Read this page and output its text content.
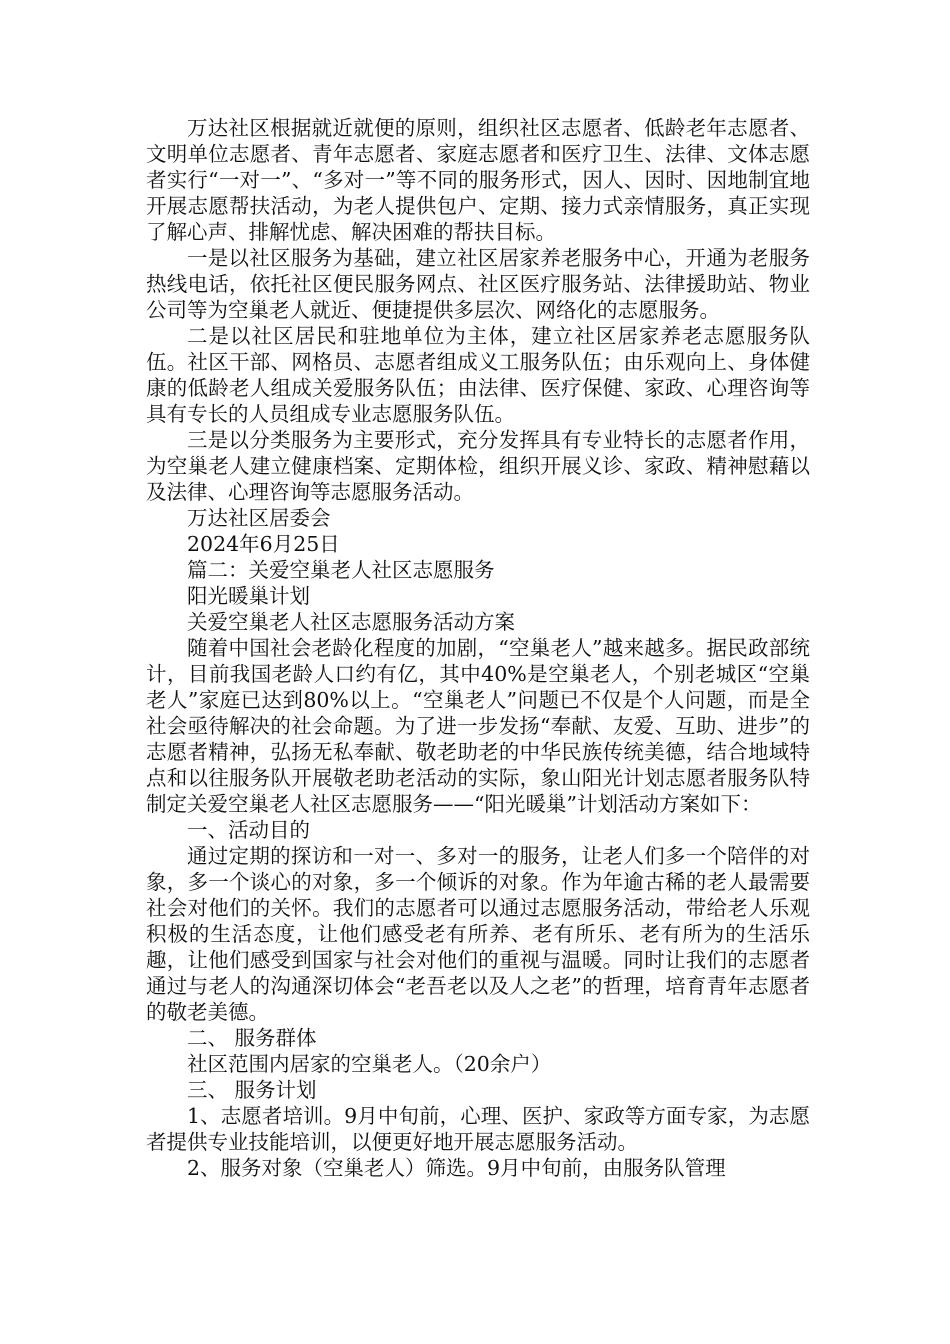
万达社区根据就近就便的原则，组织社区志愿者、低龄老年志愿者、文明单位志愿者、青年志愿者、家庭志愿者和医疗卫生、法律、文体志愿者实行“一对一”、“多对一”等不同的服务形式，因人、因时、因地制宜地开展志愿帮扶活动，为老人提供包户、定期、接力式亲情服务，真正实现了解心声、排解忧虑、解决困难的帮扶目标。

一是以社区服务为基础，建立社区居家养老服务中心，开通为老服务热线电话，依托社区便民服务网点、社区医疗服务站、法律援助站、物业公司等为空巢老人就近、便捷提供多层次、网络化的志愿服务。

二是以社区居民和驻地单位为主体，建立社区居家养老志愿服务队伍。社区干部、网格员、志愿者组成义工服务队伍；由乐观向上、身体健康的低龄老人组成关爱服务队伍；由法律、医疗保健、家政、心理咨询等具有专长的人员组成专业志愿服务队伍。

三是以分类服务为主要形式，充分发挥具有专业特长的志愿者作用，为空巢老人建立健康档案、定期体检，组织开展义诊、家政、精神慰藉以及法律、心理咨询等志愿服务活动。

万达社区居委会

2024年6月25日

篇二：关爱空巢老人社区志愿服务

阳光暖巢计划

关爱空巢老人社区志愿服务活动方案

随着中国社会老龄化程度的加剧，“空巢老人”越来越多。据民政部统计，目前我国老龄人口约有亿，其中40%是空巢老人，个别老城区“空巢老人”家庭已达到80%以上。“空巢老人”问题已不仅是个人问题，而是全社会亟待解决的社会命题。为了进一步发扬“奉献、友爱、互助、进步”的志愿者精神，弘扬无私奉献、敬老助老的中华民族传统美德，结合地域特点和以往服务队开展敬老助老活动的实际，象山阳光计划志愿者服务队特制定关爱空巢老人社区志愿服务——“阳光暖巢”计划活动方案如下：

一、活动目的

通过定期的探访和一对一、多对一的服务，让老人们多一个陪伴的对象，多一个谈心的对象，多一个倾诉的对象。作为年逾古稀的老人最需要社会对他们的关怀。我们的志愿者可以通过志愿服务活动，带给老人乐观积极的生活态度，让他们感受老有所养、老有所乐、老有所为的生活乐趣，让他们感受到国家与社会对他们的重视与温暖。同时让我们的志愿者通过与老人的沟通深切体会“老吾老以及人之老”的哲理，培育青年志愿者的敬老美德。

二、 服务群体

社区范围内居家的空巢老人。（20余户）

三、 服务计划

1、志愿者培训。9月中旬前，心理、医护、家政等方面专家，为志愿者提供专业技能培训，以便更好地开展志愿服务活动。

2、服务对象（空巢老人）筛选。9月中旬前，由服务队管理
